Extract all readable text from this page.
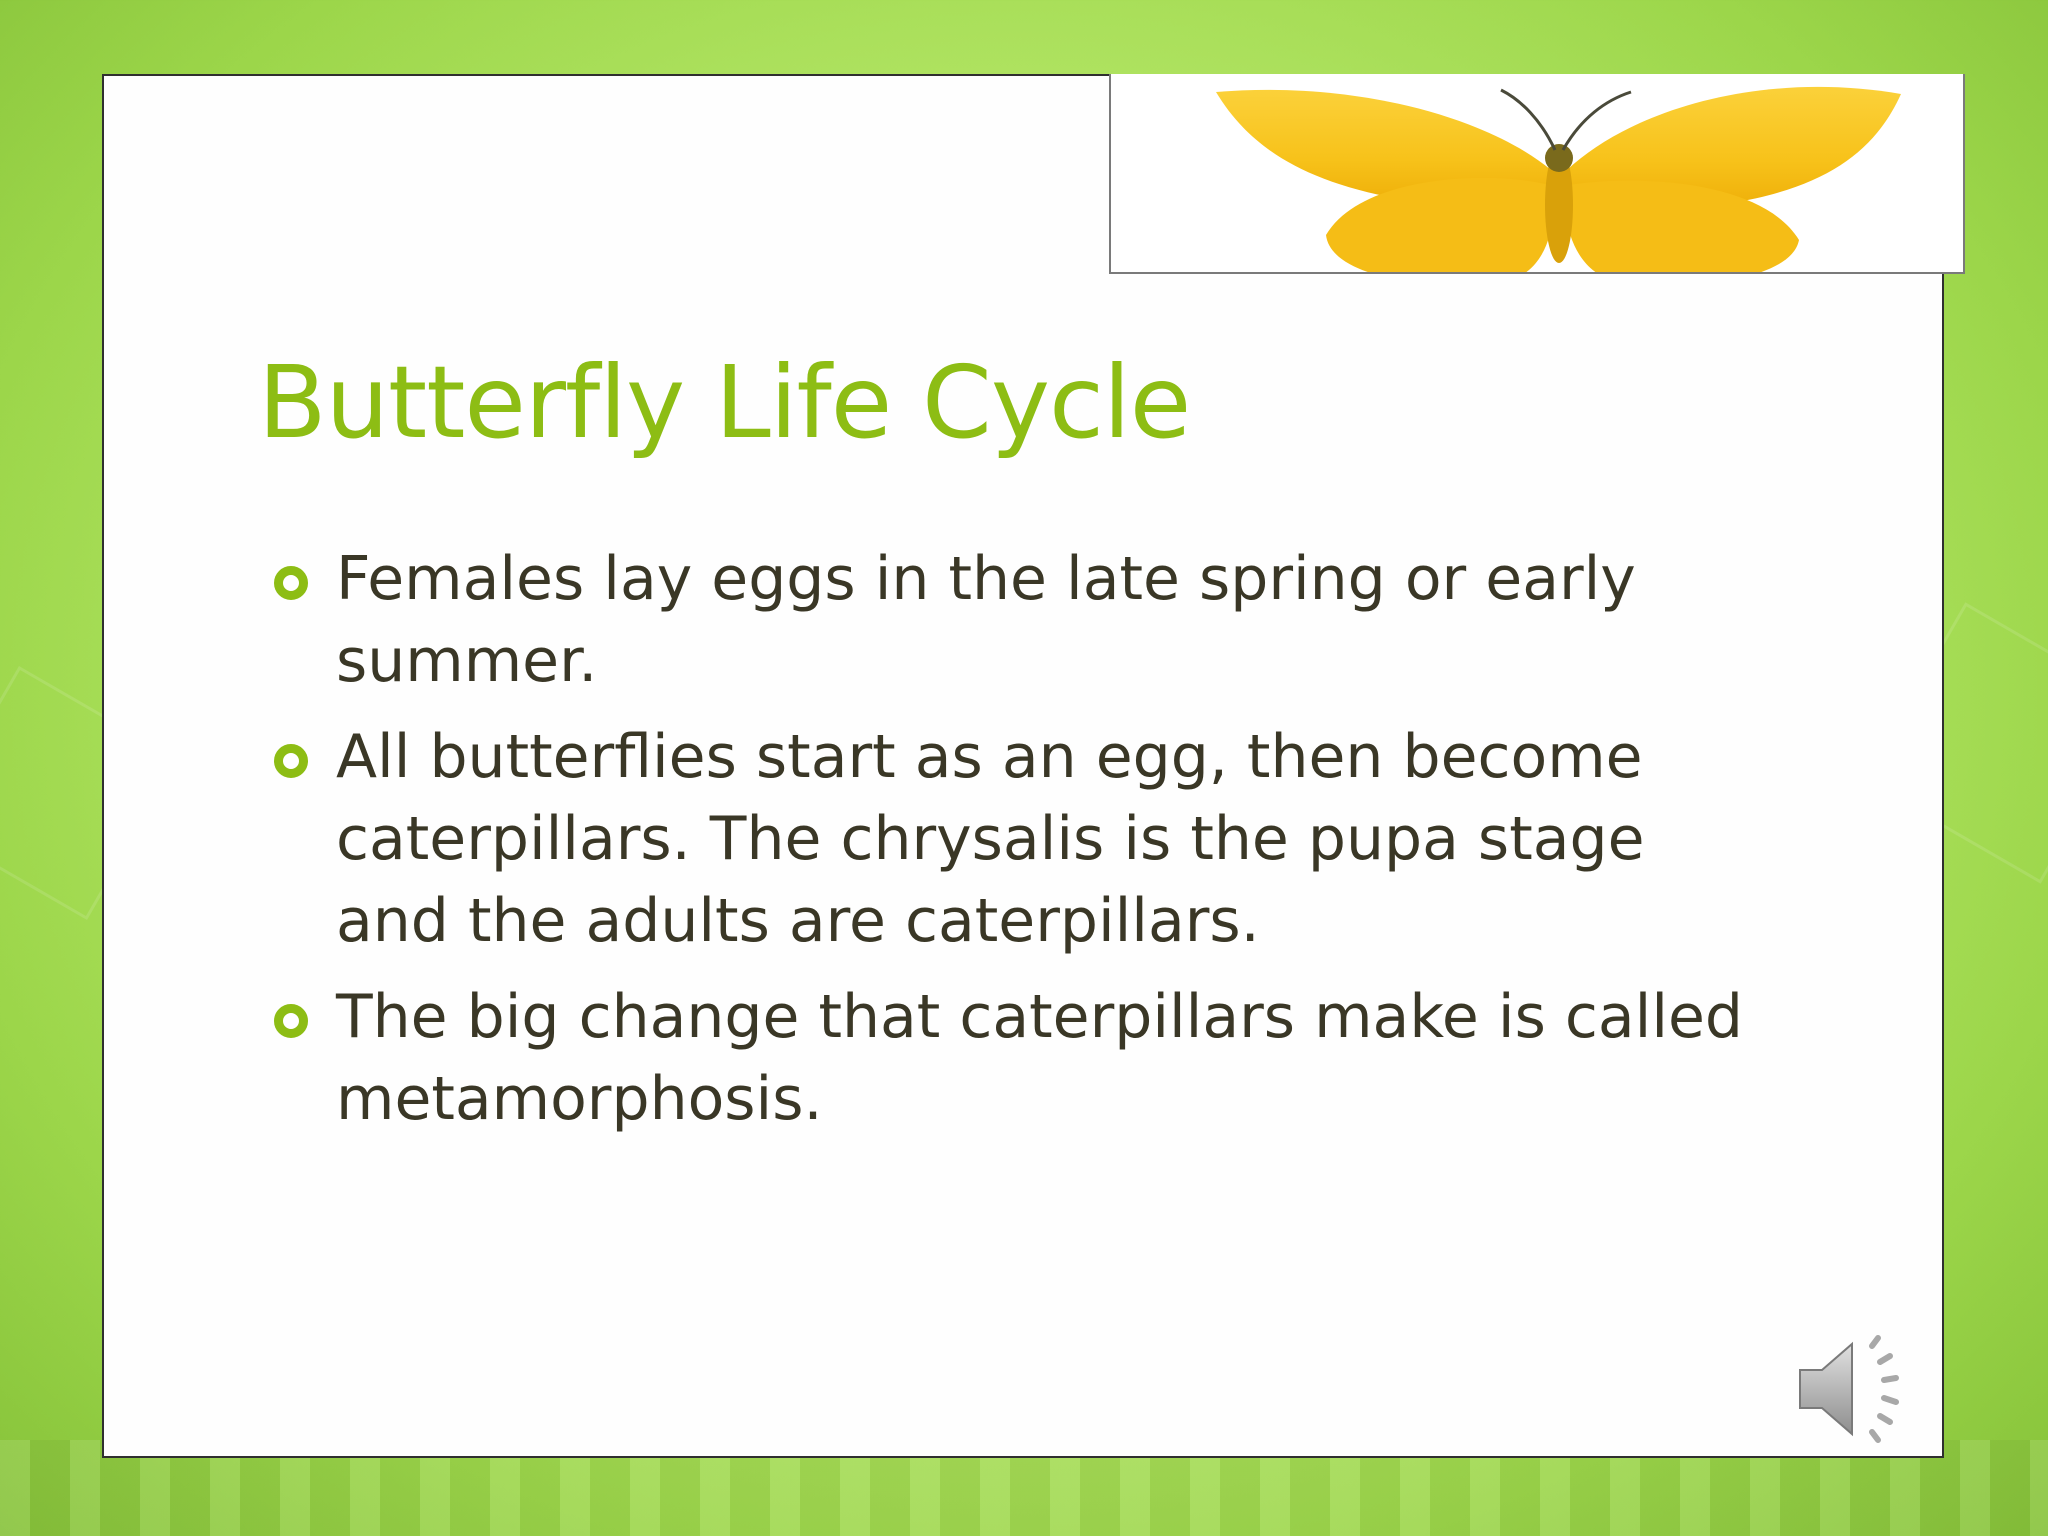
Butterfly Life Cycle
Females lay eggs in the late spring or early summer.
All butterflies start as an egg, then become caterpillars. The chrysalis is the pupa stage and the adults are caterpillars.
The big change that caterpillars make is called metamorphosis.
